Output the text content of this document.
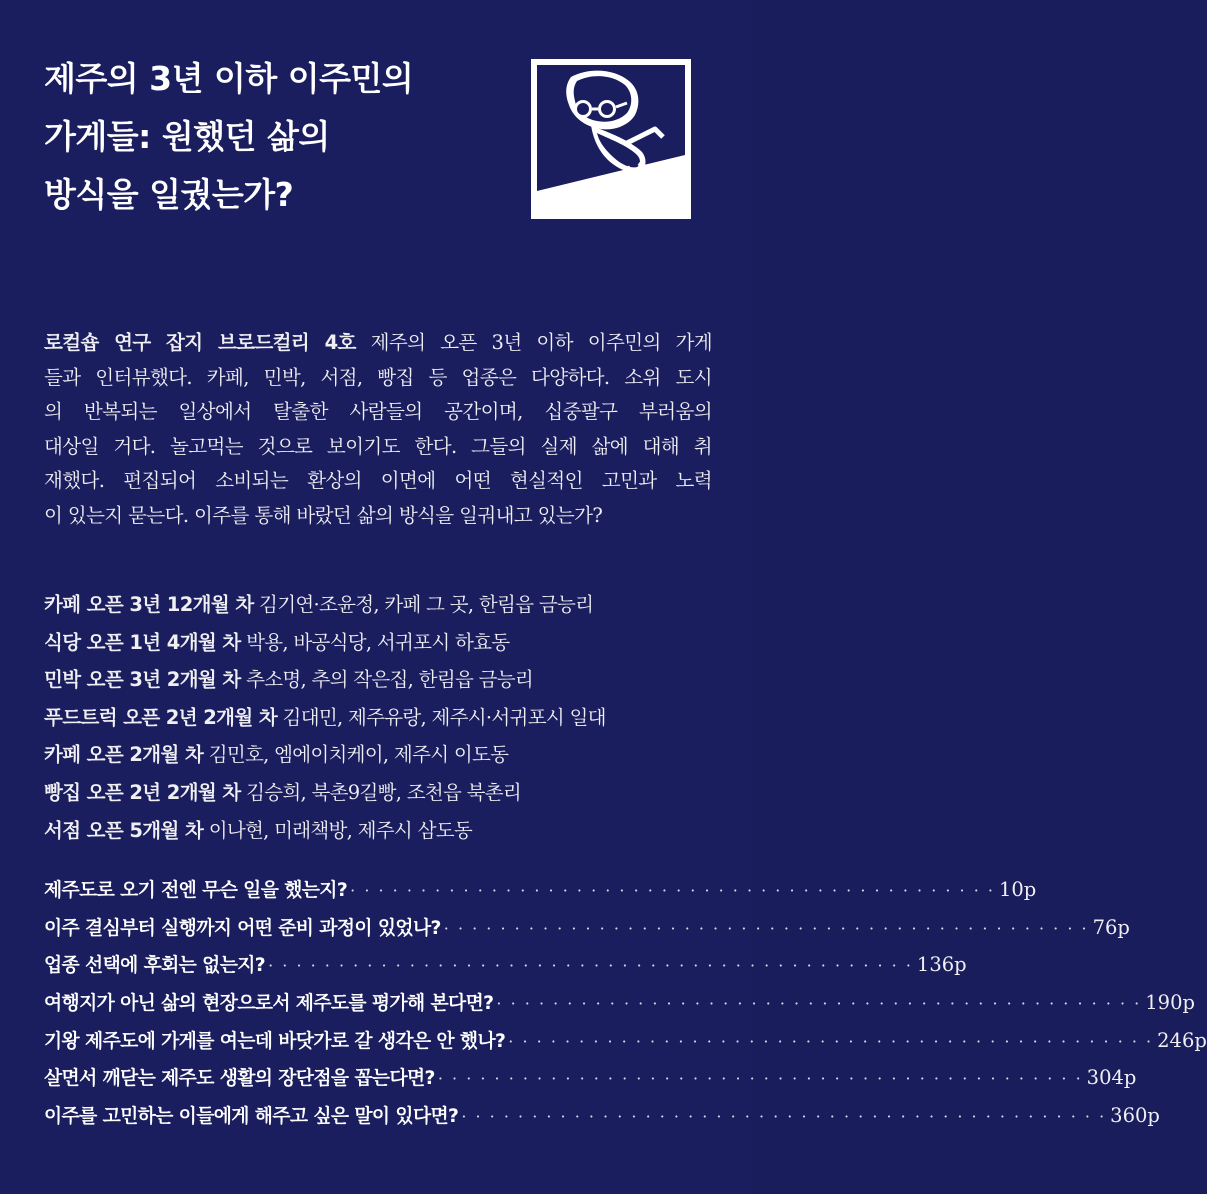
제주의 3년 이하 이주민의
가게들: 원했던 삶의
방식을 일궜는가?
로컬숍 연구 잡지 브로드컬리 4호 제주의 오픈 3년 이하 이주민의 가게
들과 인터뷰했다. 카페, 민박, 서점, 빵집 등 업종은 다양하다. 소위 도시
의 반복되는 일상에서 탈출한 사람들의 공간이며, 십중팔구 부러움의
대상일 거다. 놀고먹는 것으로 보이기도 한다. 그들의 실제 삶에 대해 취
재했다. 편집되어 소비되는 환상의 이면에 어떤 현실적인 고민과 노력
이 있는지 묻는다. 이주를 통해 바랐던 삶의 방식을 일궈내고 있는가?
카페 오픈 3년 12개월 차 김기연·조윤정, 카페 그 곳, 한림읍 금능리
식당 오픈 1년 4개월 차 박용, 바공식당, 서귀포시 하효동
민박 오픈 3년 2개월 차 추소명, 추의 작은집, 한림읍 금능리
푸드트럭 오픈 2년 2개월 차 김대민, 제주유랑, 제주시·서귀포시 일대
카페 오픈 2개월 차 김민호, 엠에이치케이, 제주시 이도동
빵집 오픈 2년 2개월 차 김승희, 북촌9길빵, 조천읍 북촌리
서점 오픈 5개월 차 이나현, 미래책방, 제주시 삼도동
제주도로 오기 전엔 무슨 일을 했는지? · · · · · · · · · · · · · · · · · · · · · · · · · · · · · · · · · · · · · · · · · · · · · · 10p
이주 결심부터 실행까지 어떤 준비 과정이 있었나? · · · · · · · · · · · · · · · · · · · · · · · · · · · · · · · · · · · · · · · · · · · · · · 76p
업종 선택에 후회는 없는지? · · · · · · · · · · · · · · · · · · · · · · · · · · · · · · · · · · · · · · · · · · · · · · 136p
여행지가 아닌 삶의 현장으로서 제주도를 평가해 본다면? · · · · · · · · · · · · · · · · · · · · · · · · · · · · · · · · · · · · · · · · · · · · · · 190p
기왕 제주도에 가게를 여는데 바닷가로 갈 생각은 안 했나? · · · · · · · · · · · · · · · · · · · · · · · · · · · · · · · · · · · · · · · · · · · · · · 246p
살면서 깨닫는 제주도 생활의 장단점을 꼽는다면? · · · · · · · · · · · · · · · · · · · · · · · · · · · · · · · · · · · · · · · · · · · · · · 304p
이주를 고민하는 이들에게 해주고 싶은 말이 있다면? · · · · · · · · · · · · · · · · · · · · · · · · · · · · · · · · · · · · · · · · · · · · · · 360p
